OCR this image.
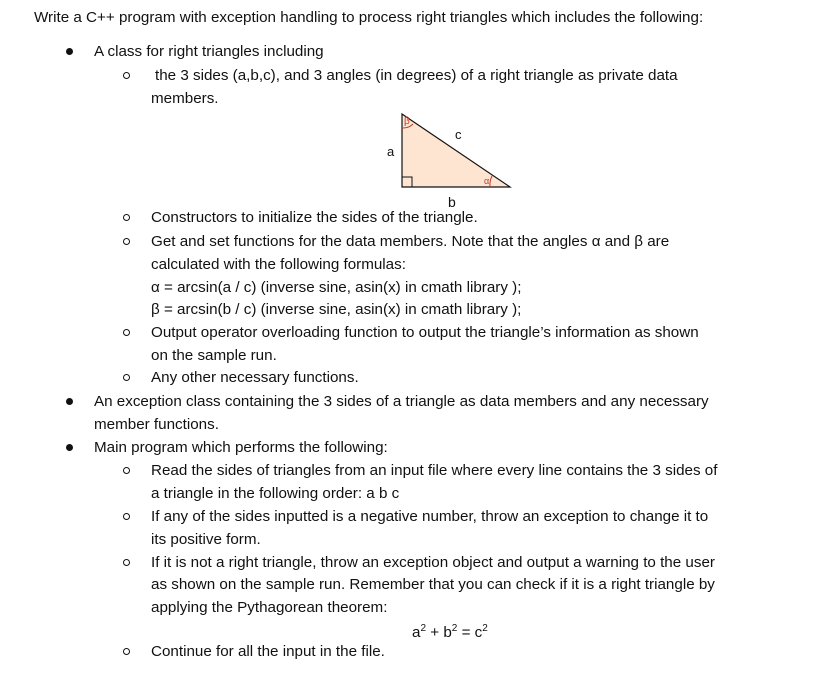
Write a C++ program with exception handling to process right triangles which includes the following:
A class for right triangles including
the 3 sides (a,b,c), and 3 angles (in degrees) of a right triangle as private data
members.
β
α
a
c
b
Constructors to initialize the sides of the triangle.
Get and set functions for the data members. Note that the angles α and β are
calculated with the following formulas:
α = arcsin(a / c) (inverse sine, asin(x) in cmath library );
β = arcsin(b / c) (inverse sine, asin(x) in cmath library );
Output operator overloading function to output the triangle’s information as shown
on the sample run.
Any other necessary functions.
An exception class containing the 3 sides of a triangle as data members and any necessary
member functions.
Main program which performs the following:
Read the sides of triangles from an input file where every line contains the 3 sides of
a triangle in the following order: a b c
If any of the sides inputted is a negative number, throw an exception to change it to
its positive form.
If it is not a right triangle, throw an exception object and output a warning to the user
as shown on the sample run. Remember that you can check if it is a right triangle by
applying the Pythagorean theorem:
$a^2 + b^2 = c^2$
Continue for all the input in the file.
